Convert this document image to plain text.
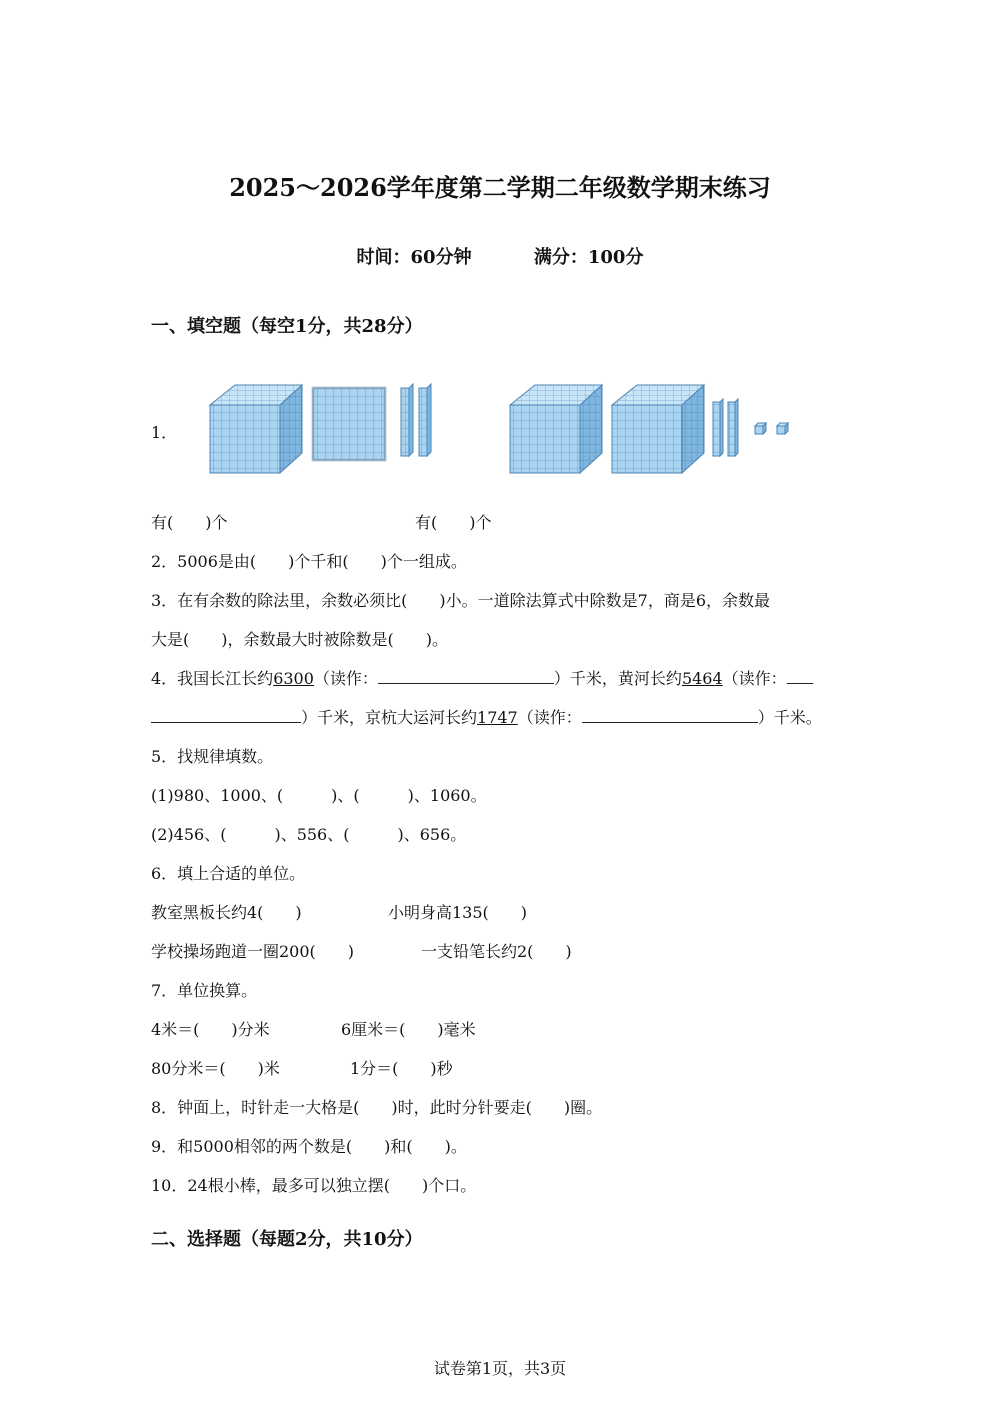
2025～2026学年度第二学期二年级数学期末练习
时间：60分钟	满分：100分
一、填空题（每空1分，共28分）
1．
有(　　)个	有(　　)个
2．5006是由(　　)个千和(　　)个一组成。
3．在有余数的除法里，余数必须比(　　)小。一道除法算式中除数是7，商是6，余数最
大是(　　)，余数最大时被除数是(　　)。
4．我国长江长约6300（读作：	）千米，黄河长约5464（读作：
）千米，京杭大运河长约1747（读作：	）千米。
5．找规律填数。
(1)980、1000、(　　　)、(　　　)、1060。
(2)456、(　　　)、556、(　　　)、656。
6．填上合适的单位。
教室黑板长约4(　　)	小明身高135(　　)
学校操场跑道一圈200(　　)	一支铅笔长约2(　　)
7．单位换算。
4米＝(　　)分米	6厘米＝(　　)毫米
80分米＝(　　)米	1分＝(　　)秒
8．钟面上，时针走一大格是(　　)时，此时分针要走(　　)圈。
9．和5000相邻的两个数是(　　)和(　　)。
10．24根小棒，最多可以独立摆(　　)个口。
二、选择题（每题2分，共10分）
试卷第1页，共3页
